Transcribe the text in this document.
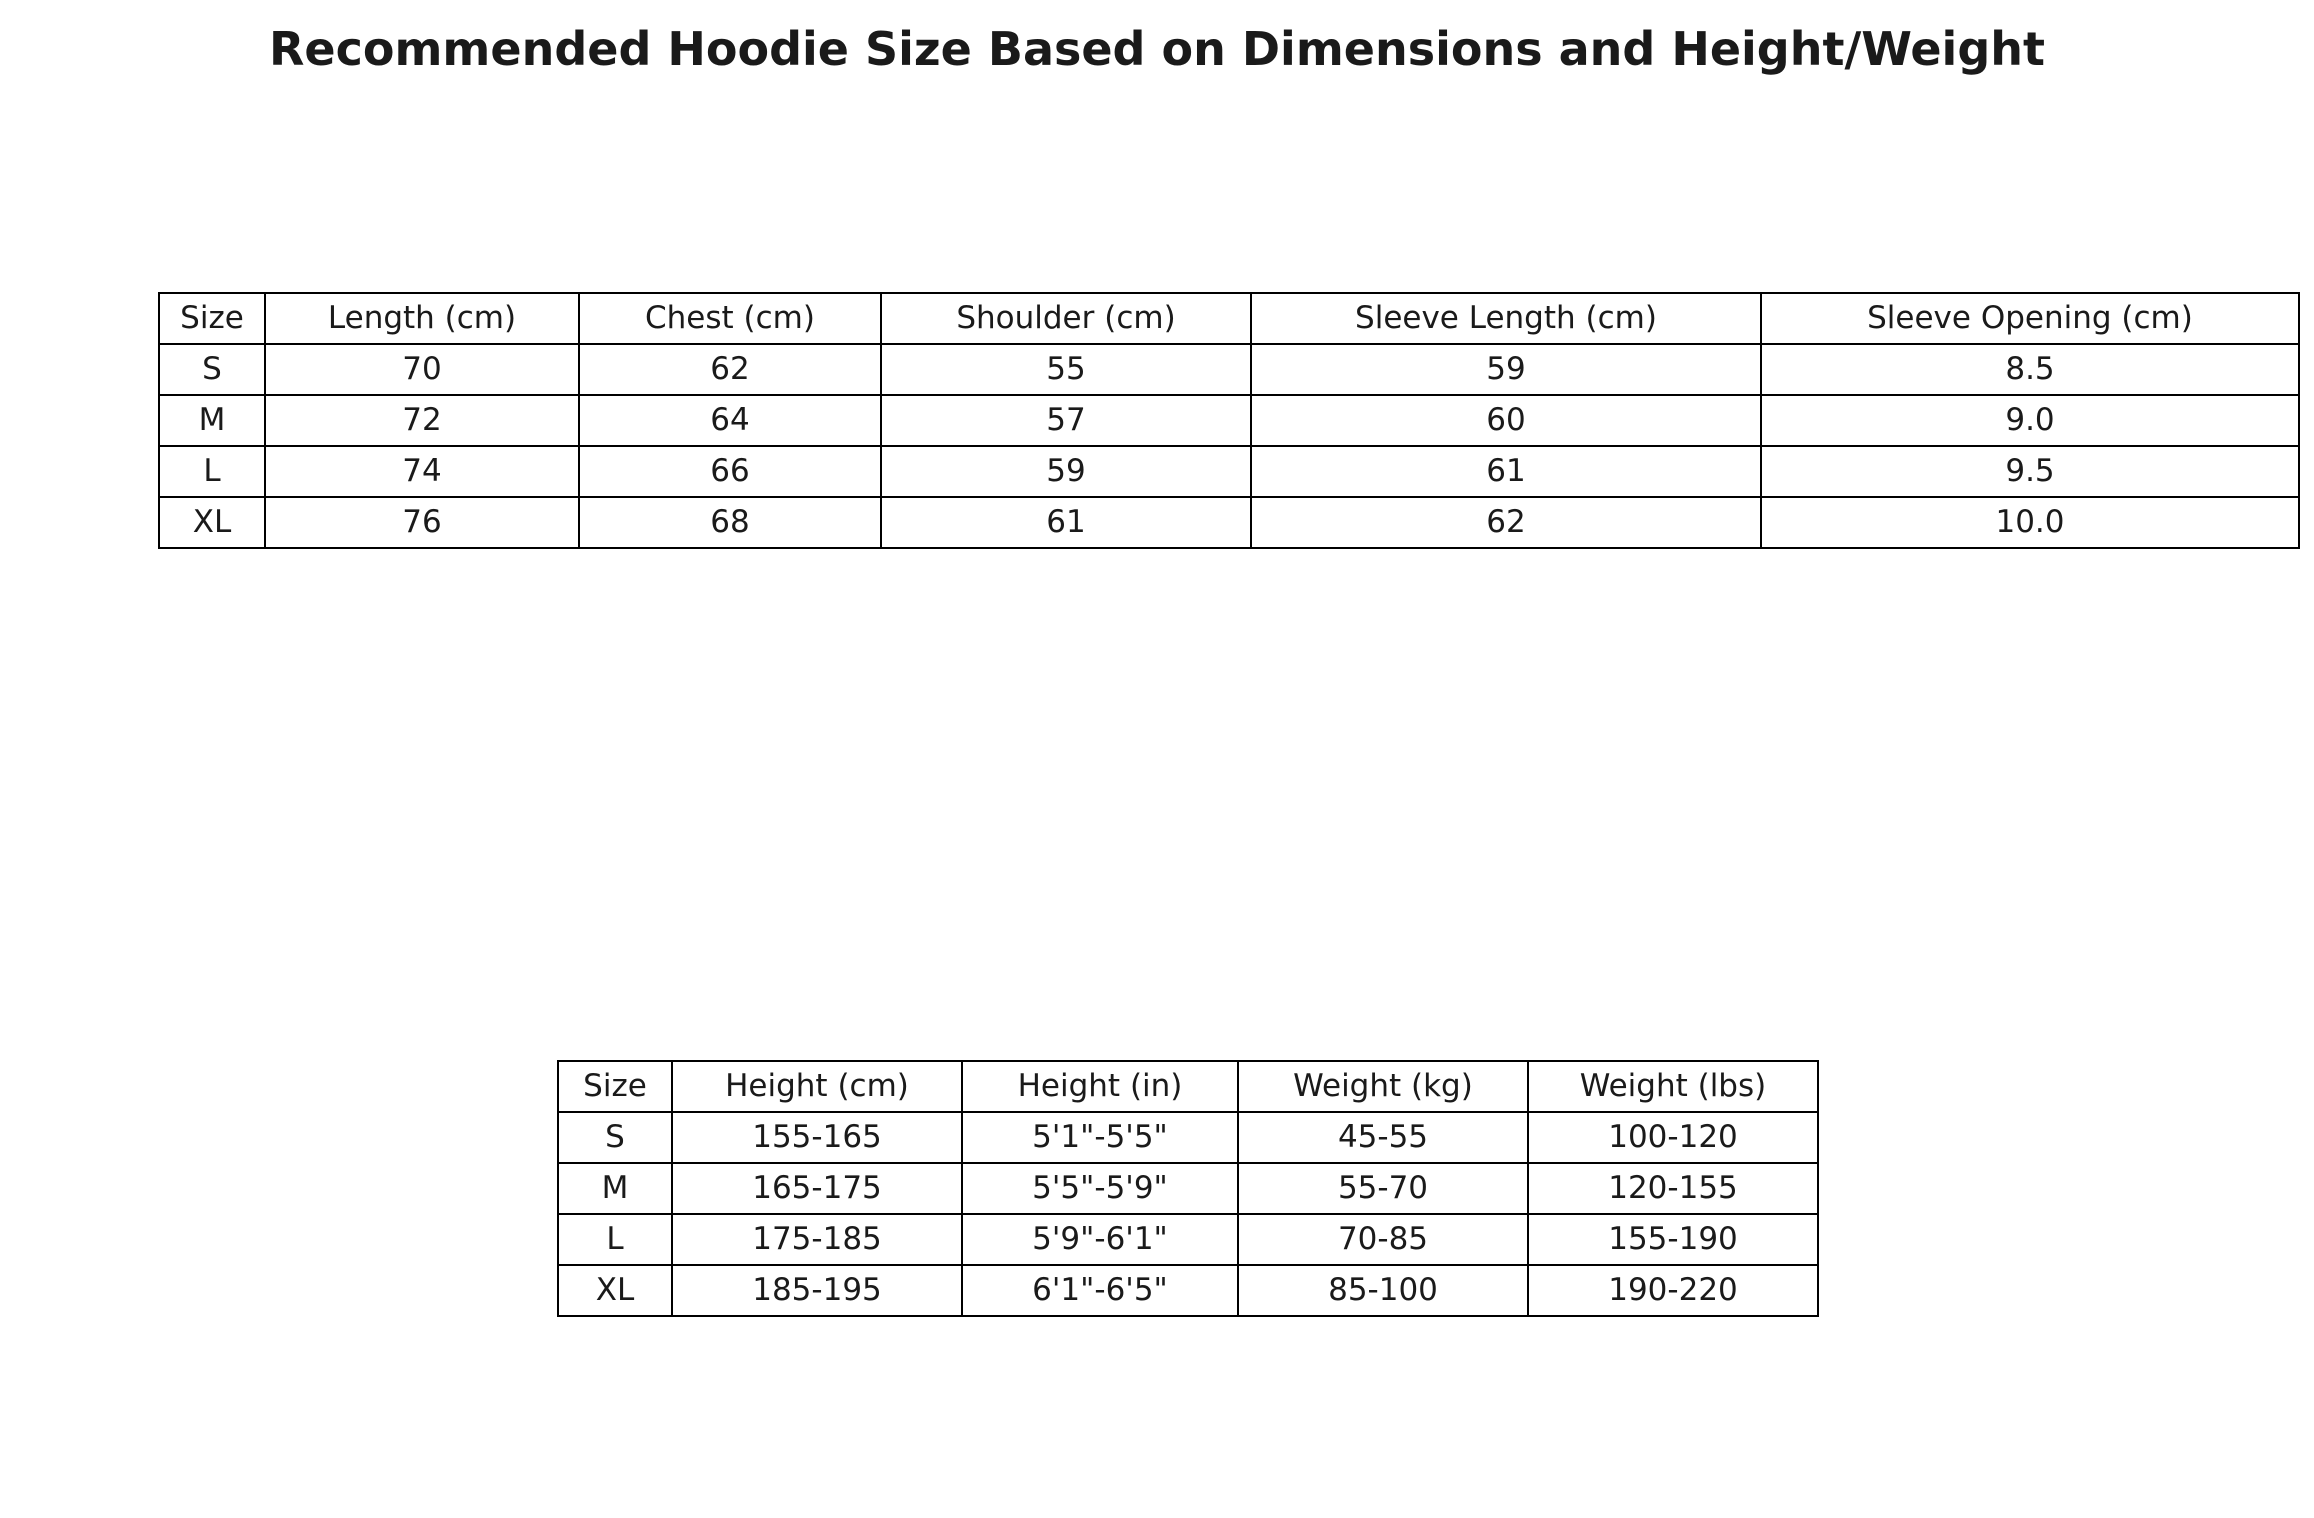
Recommended Hoodie Size Based on Dimensions and Height/Weight
Size	Length (cm)	Chest (cm)	Shoulder (cm)	Sleeve Length (cm)	Sleeve Opening (cm)
S	70	62	55	59	8.5
M	72	64	57	60	9.0
L	74	66	59	61	9.5
XL	76	68	61	62	10.0
Size	Height (cm)	Height (in)	Weight (kg)	Weight (lbs)
S	155-165	5'1"-5'5"	45-55	100-120
M	165-175	5'5"-5'9"	55-70	120-155
L	175-185	5'9"-6'1"	70-85	155-190
XL	185-195	6'1"-6'5"	85-100	190-220
